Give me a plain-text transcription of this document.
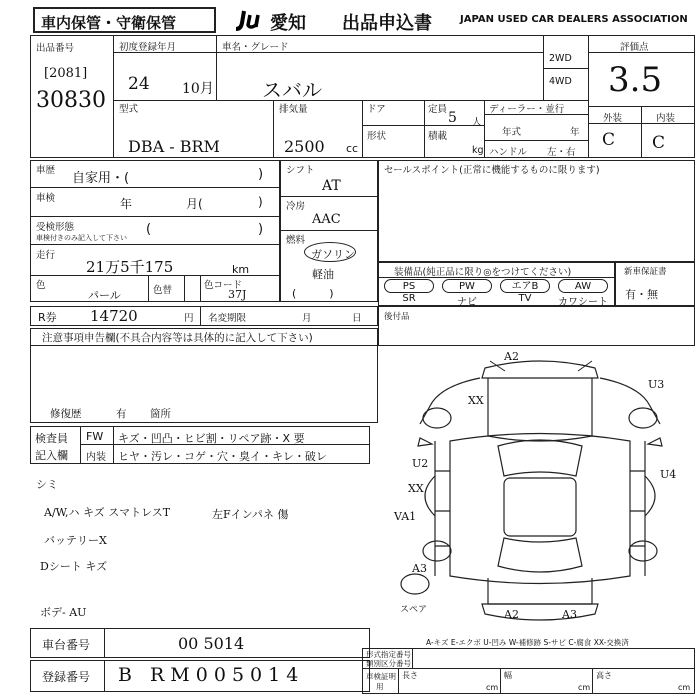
車内保管・守衛保管	愛知 出品申込書	JAPAN USED CAR DEALERS ASSOCIATION
出品番号
[2081]
30830
初度登録年月
24 10月
車名・グレード
スバル
2WD
4WD
評価点
3.5
外装	内装
C C
型式
DBA - BRM
排気量
2500 cc
ドア
形状
定員
5 人
積載
kg
ディーラー・並行
年式	年
ハンドル 左・右
車歴
自家用・(	)
車検	年	月(	)
受検形態
車検付きのみ記入して下さい
(	)
走行
21万5千175	km
色
パール	色替	色コード
37J
シフト
AT
冷房
AAC
燃料
ガソリン
軽油
(　　　)
セールスポイント(正常に機能するものに限ります)
装備品(純正品に限り◎をつけてください)
PS	PW	エアB	AW
SR	ナビ	TV	カワシート
新車保証書
有・無
R券 14720	円 名変期限	月	日
注意事項申告欄(不具合内容等は具体的に記入して下さい)
修復歴	有 箇所
後付品
検査員
記入欄
FW キズ・凹凸・ヒビ割・リペア跡・X 要
内装 ヒヤ・汚レ・コゲ・穴・臭イ・キレ・破レ
シミ
A/W,ハ キズ スマトレスT	左Fインパネ 傷
バッテリーX
Dシート キズ
ボデ- AU
A2
U3
XX
U2
U4
XX
VA1
A3
A2	A3
スペア
A-キズ E-エクボ U-凹み W-補修跡 S-サビ C-腐食 XX-交換済
車台番号	00 5014
登録番号 B RM005014
形式指定番号
類別区分番号
車検証明
用
長さ
cm
幅
cm
高さ
cm
